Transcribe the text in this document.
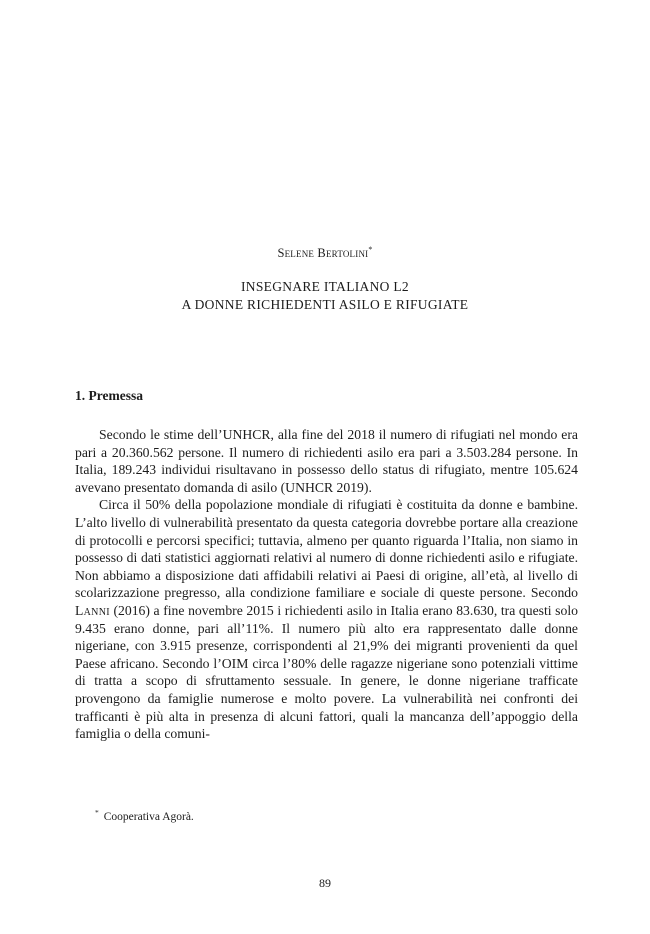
Selene Bertolini*
INSEGNARE ITALIANO L2
A DONNE RICHIEDENTI ASILO E RIFUGIATE
1. Premessa

Secondo le stime dell’UNHCR, alla fine del 2018 il numero di rifugiati nel mondo era pari a 20.360.562 persone. Il numero di richiedenti asilo era pari a 3.503.284 persone. In Italia, 189.243 individui risultavano in possesso dello status di rifugiato, mentre 105.624 avevano presentato domanda di asilo (UNHCR 2019).

Circa il 50% della popolazione mondiale di rifugiati è costituita da donne e bambine. L’alto livello di vulnerabilità presentato da questa categoria dovrebbe portare alla creazione di protocolli e percorsi specifici; tuttavia, almeno per quanto riguarda l’Italia, non siamo in possesso di dati statistici aggiornati relativi al numero di donne richiedenti asilo e rifugiate. Non abbiamo a disposizione dati affidabili relativi ai Paesi di origine, all’età, al livello di scolarizzazione pregresso, alla condizione familiare e sociale di queste persone. Secondo Lanni (2016) a fine novembre 2015 i richiedenti asilo in Italia erano 83.630, tra questi solo 9.435 erano donne, pari all’11%. Il numero più alto era rappresentato dalle donne nigeriane, con 3.915 presenze, corrispondenti al 21,9% dei migranti provenienti da quel Paese africano. Secondo l’OIM circa l’80% delle ragazze nigeriane sono potenziali vittime di tratta a scopo di sfruttamento sessuale. In genere, le donne nigeriane trafficate provengono da famiglie numerose e molto povere. La vulnerabilità nei confronti dei trafficanti è più alta in presenza di alcuni fattori, quali la mancanza dell’appoggio della famiglia o della comuni-

* Cooperativa Agorà.
89
